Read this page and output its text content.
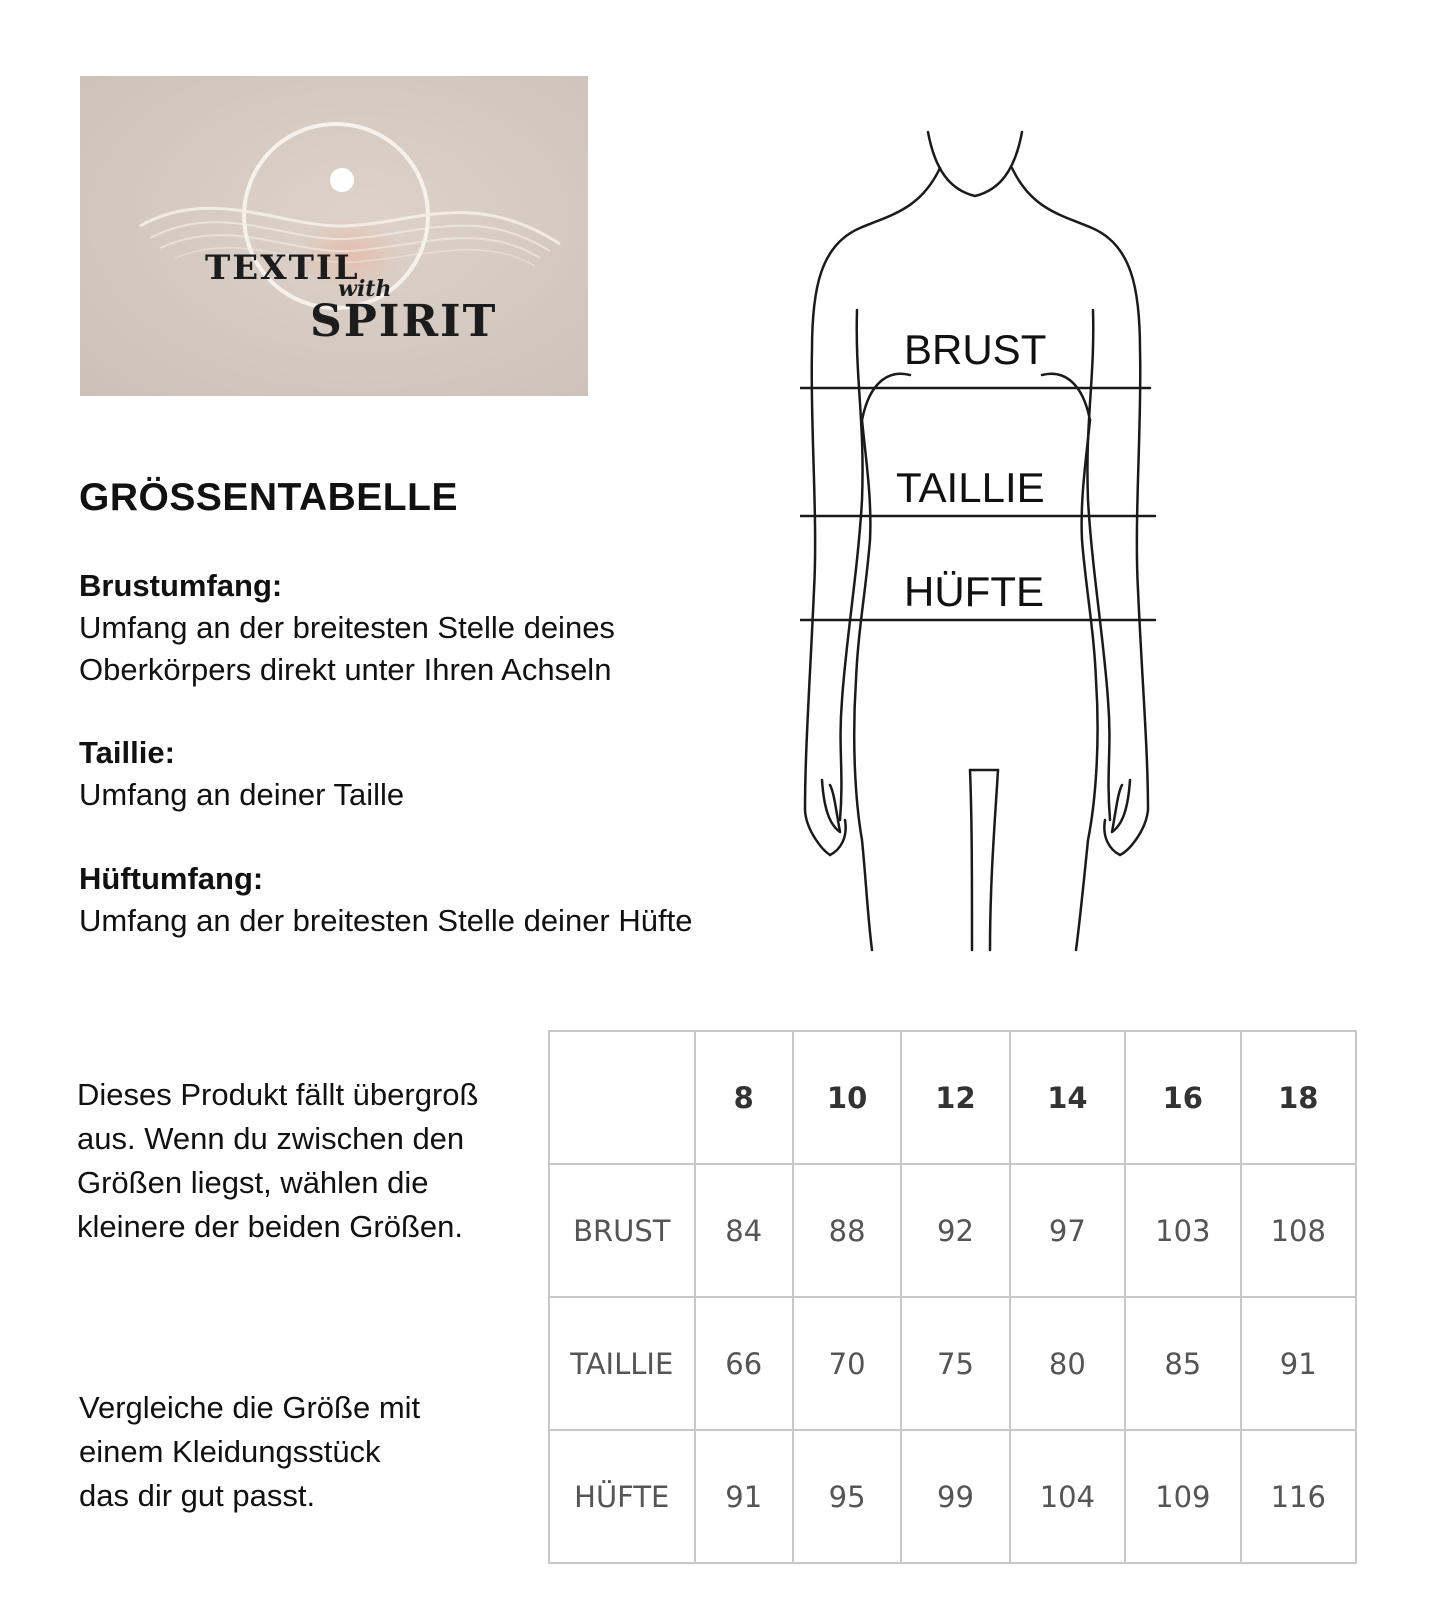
TEXTIL
with
SPIRIT
GRÖSSENTABELLE
Brustumfang:
Umfang an der breitesten Stelle deines
Oberkörpers direkt unter Ihren Achseln
Taillie:
Umfang an deiner Taille
Hüftumfang:
Umfang an der breitesten Stelle deiner Hüfte
BRUST
TAILLIE
HÜFTE
Dieses Produkt fällt übergroß
aus. Wenn du zwischen den
Größen liegst, wählen die
kleinere der beiden Größen.
Vergleiche die Größe mit
einem Kleidungsstück
das dir gut passt.
	8	10	12	14	16	18
BRUST	84	88	92	97	103	108
TAILLIE	66	70	75	80	85	91
HÜFTE	91	95	99	104	109	116
